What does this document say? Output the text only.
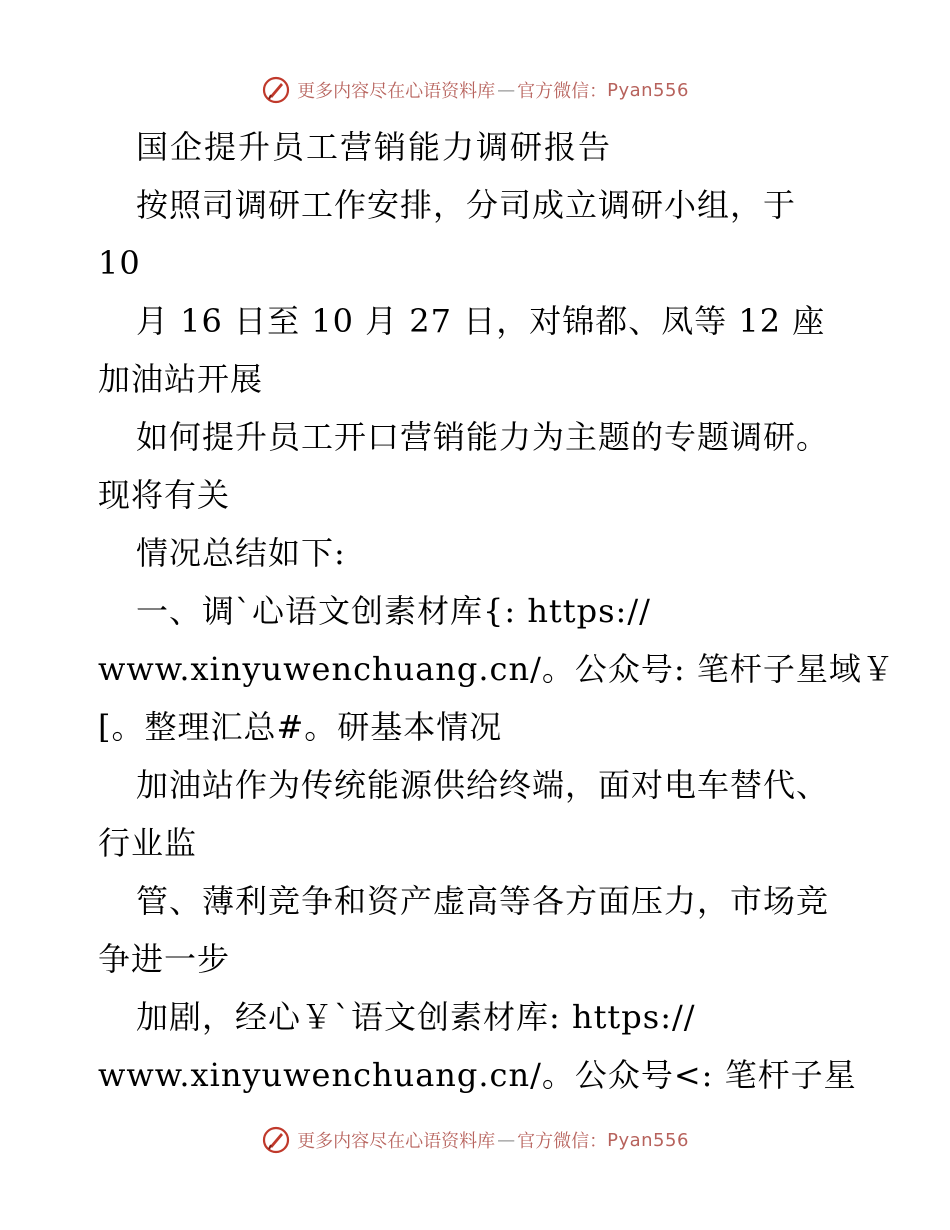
更多内容尽在心语资料库 — 官方微信： Pyan556
国企提升员工营销能力调研报告
按照司调研工作安排，分司成立调研小组，于
10
月 16 日至 10 月 27 日，对锦都、凤等 12 座
加油站开展
如何提升员工开口营销能力为主题的专题调研。
现将有关
情况总结如下:
一、调`心语文创素材库{: https://
www.xinyuwenchuang.cn/。公众号: 笔杆子星域￥
[。整理汇总#。研基本情况
加油站作为传统能源供给终端，面对电车替代、
行业监
管、薄利竞争和资产虚高等各方面压力，市场竞
争进一步
加剧，经心￥`语文创素材库: https://
www.xinyuwenchuang.cn/。公众号<: 笔杆子星
更多内容尽在心语资料库 — 官方微信： Pyan556
